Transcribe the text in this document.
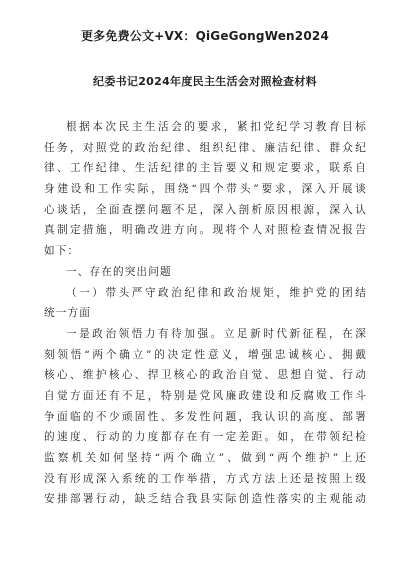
更多免费公文+VX：QiGeGongWen2024
纪委书记2024年度民主生活会对照检查材料
根据本次民主生活会的要求，紧扣党纪学习教育目标
任务，对照党的政治纪律、组织纪律、廉洁纪律、群众纪
律、工作纪律、生活纪律的主旨要义和规定要求，联系自
身建设和工作实际，围绕“四个带头”要求，深入开展谈
心谈话，全面查摆问题不足，深入剖析原因根源，深入认
真制定措施，明确改进方向。现将个人对照检查情况报告
如下：
一、存在的突出问题
（一）带头严守政治纪律和政治规矩，维护党的团结
统一方面
一是政治领悟力有待加强。立足新时代新征程，在深
刻领悟“两个确立”的决定性意义，增强忠诚核心、拥戴
核心、维护核心、捍卫核心的政治自觉、思想自觉、行动
自觉方面还有不足，特别是党风廉政建设和反腐败工作斗
争面临的不少顽固性、多发性问题，我认识的高度、部署
的速度、行动的力度都存在有一定差距。如，在带领纪检
监察机关如何坚持“两个确立”、做到“两个维护”上还
没有形成深入系统的工作举措，方式方法上还是按照上级
安排部署行动，缺乏结合我县实际创造性落实的主观能动
